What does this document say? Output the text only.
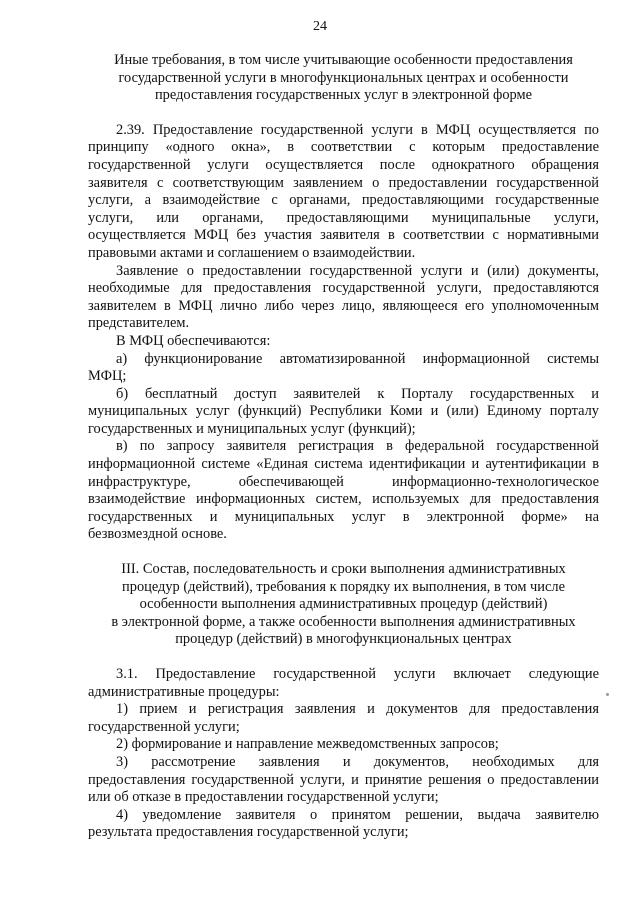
24
Иные требования, в том числе учитывающие особенности предоставления
государственной услуги в многофункциональных центрах и особенности
предоставления государственных услуг в электронной форме
2.39. Предоставление государственной услуги в МФЦ осуществляется по
принципу «одного окна», в соответствии с которым предоставление
государственной услуги осуществляется после однократного обращения
заявителя с соответствующим заявлением о предоставлении государственной
услуги, а взаимодействие с органами, предоставляющими государственные
услуги, или органами, предоставляющими муниципальные услуги,
осуществляется МФЦ без участия заявителя в соответствии с нормативными
правовыми актами и соглашением о взаимодействии.
Заявление о предоставлении государственной услуги и (или) документы,
необходимые для предоставления государственной услуги, предоставляются
заявителем в МФЦ лично либо через лицо, являющееся его уполномоченным
представителем.
В МФЦ обеспечиваются:
а) функционирование автоматизированной информационной системы
МФЦ;
б) бесплатный доступ заявителей к Порталу государственных и
муниципальных услуг (функций) Республики Коми и (или) Единому порталу
государственных и муниципальных услуг (функций);
в) по запросу заявителя регистрация в федеральной государственной
информационной системе «Единая система идентификации и аутентификации в
инфраструктуре, обеспечивающей информационно-технологическое
взаимодействие информационных систем, используемых для предоставления
государственных и муниципальных услуг в электронной форме» на
безвозмездной основе.
III. Состав, последовательность и сроки выполнения административных
процедур (действий), требования к порядку их выполнения, в том числе
особенности выполнения административных процедур (действий)
в электронной форме, а также особенности выполнения административных
процедур (действий) в многофункциональных центрах
3.1. Предоставление государственной услуги включает следующие
административные процедуры:
1) прием и регистрация заявления и документов для предоставления
государственной услуги;
2) формирование и направление межведомственных запросов;
3) рассмотрение заявления и документов, необходимых для
предоставления государственной услуги, и принятие решения о предоставлении
или об отказе в предоставлении государственной услуги;
4) уведомление заявителя о принятом решении, выдача заявителю
результата предоставления государственной услуги;
